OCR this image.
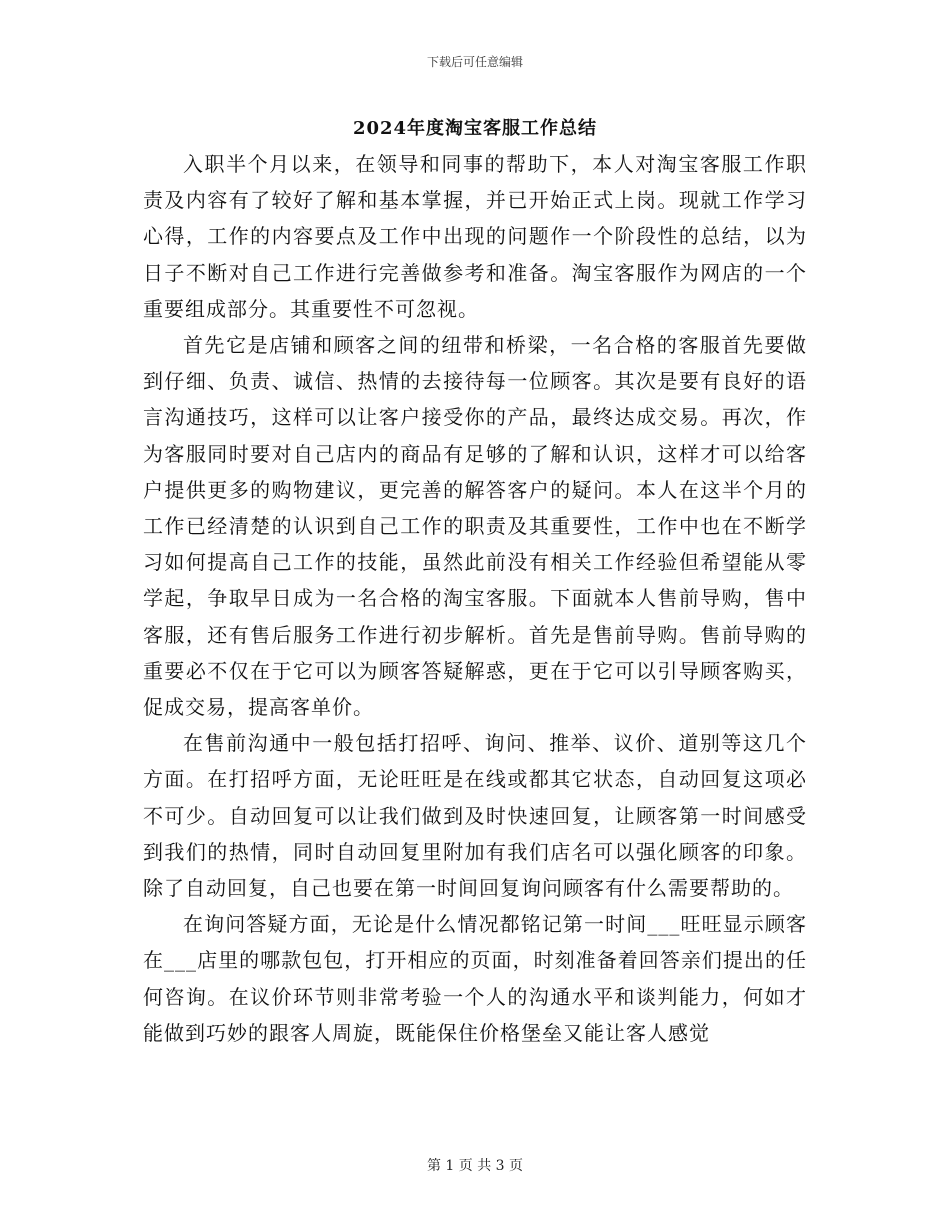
下载后可任意编辑
2024年度淘宝客服工作总结

入职半个月以来，在领导和同事的帮助下，本人对淘宝客服工作职责及内容有了较好了解和基本掌握，并已开始正式上岗。现就工作学习心得，工作的内容要点及工作中出现的问题作一个阶段性的总结，以为日子不断对自己工作进行完善做参考和准备。淘宝客服作为网店的一个重要组成部分。其重要性不可忽视。

首先它是店铺和顾客之间的纽带和桥梁，一名合格的客服首先要做到仔细、负责、诚信、热情的去接待每一位顾客。其次是要有良好的语言沟通技巧，这样可以让客户接受你的产品，最终达成交易。再次，作为客服同时要对自己店内的商品有足够的了解和认识，这样才可以给客户提供更多的购物建议，更完善的解答客户的疑问。本人在这半个月的工作已经清楚的认识到自己工作的职责及其重要性，工作中也在不断学习如何提高自己工作的技能，虽然此前没有相关工作经验但希望能从零学起，争取早日成为一名合格的淘宝客服。下面就本人售前导购，售中客服，还有售后服务工作进行初步解析。首先是售前导购。售前导购的重要必不仅在于它可以为顾客答疑解惑，更在于它可以引导顾客购买，促成交易，提高客单价。

在售前沟通中一般包括打招呼、询问、推举、议价、道别等这几个方面。在打招呼方面，无论旺旺是在线或都其它状态，自动回复这项必不可少。自动回复可以让我们做到及时快速回复，让顾客第一时间感受到我们的热情，同时自动回复里附加有我们店名可以强化顾客的印象。除了自动回复，自己也要在第一时间回复询问顾客有什么需要帮助的。

在询问答疑方面，无论是什么情况都铭记第一时间___旺旺显示顾客在___店里的哪款包包，打开相应的页面，时刻准备着回答亲们提出的任何咨询。在议价环节则非常考验一个人的沟通水平和谈判能力，何如才能做到巧妙的跟客人周旋，既能保住价格堡垒又能让客人感觉

第 1 页 共 3 页
